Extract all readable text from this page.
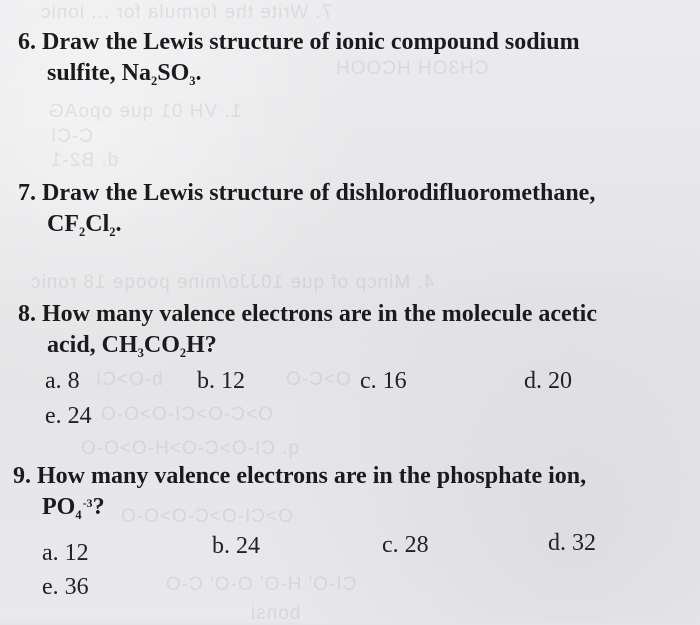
7. Write the formula for ... ionic
CH3OH HCOOH
1. VH 01 que opoAG
C-CI
d. B2-1
4. Mincp of que 10JJo/mine pooqe 18 ronic
b-O>CI	O>C-O
O>C-O>CI-O>O-O
q. CI-O>C-O>H-O>O-O
O>CI-O>C-O>O-O
CI-O' H-O' O-O' C-O
bonsi
6. Draw the Lewis structure of ionic compound sodium
sulfite, $Na_2SO_3$.
7. Draw the Lewis structure of dishlorodifluoromethane,
$CF_2Cl_2$.
8. How many valence electrons are in the molecule acetic
acid, $CH_3CO_2H$?
a. 8	b. 12	c. 16	d. 20
e. 24
9. How many valence electrons are in the phosphate ion,
$PO_4^{-3}$?
a. 12	b. 24	c. 28	d. 32
e. 36
